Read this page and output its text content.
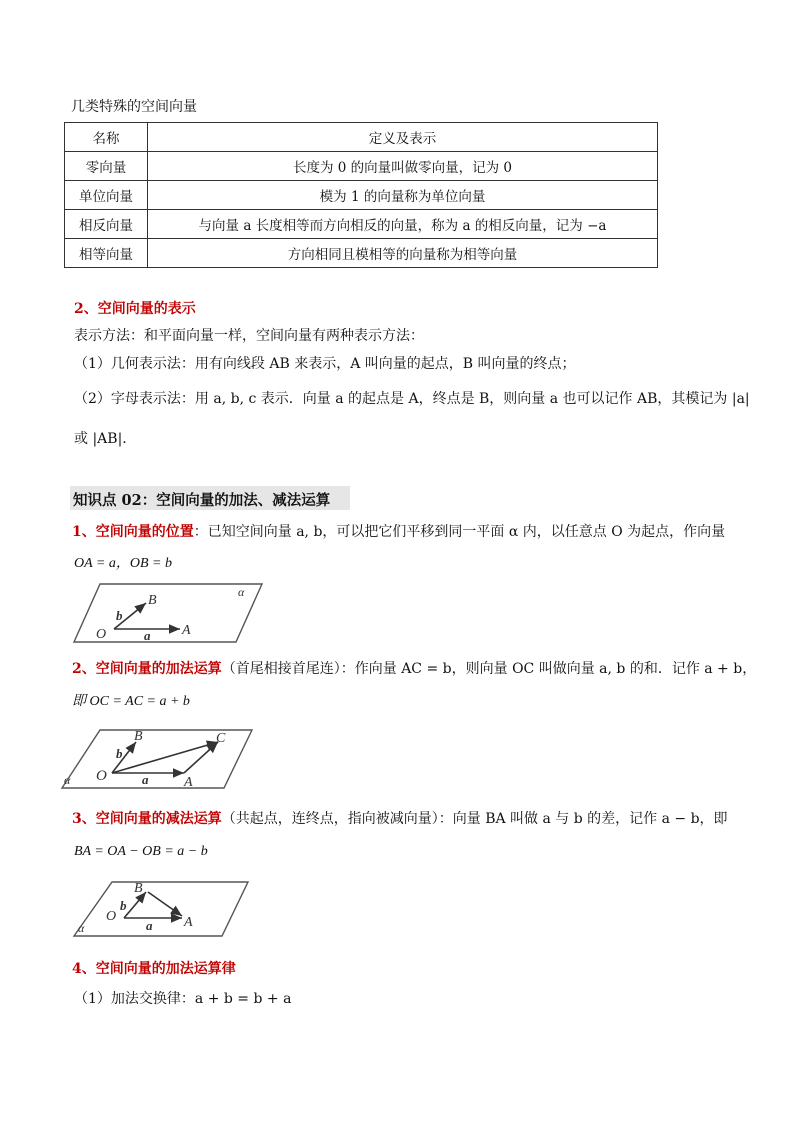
几类特殊的空间向量
名称	定义及表示
零向量	长度为 0 的向量叫做零向量，记为 0
单位向量	模为 1 的向量称为单位向量
相反向量	与向量 a 长度相等而方向相反的向量，称为 a 的相反向量，记为 −a
相等向量	方向相同且模相等的向量称为相等向量
2、空间向量的表示
表示方法：和平面向量一样，空间向量有两种表示方法：
（1）几何表示法：用有向线段 AB 来表示，A 叫向量的起点，B 叫向量的终点；
（2）字母表示法：用 a, b, c 表示．向量 a 的起点是 A，终点是 B，则向量 a 也可以记作 AB，其模记为 |a|
或 |AB|.
知识点 02：空间向量的加法、减法运算
1、空间向量的位置：已知空间向量 a, b，可以把它们平移到同一平面 α 内，以任意点 O 为起点，作向量
OA = a，OB = b
α
O	A
B
a
b
2、空间向量的加法运算（首尾相接首尾连）：作向量 AC = b，则向量 OC 叫做向量 a, b 的和．记作 a + b，
即 OC = AC = a + b
α O	A
B	C
a
b
3、空间向量的减法运算（共起点，连终点，指向被减向量）：向量 BA 叫做 a 与 b 的差，记作 a − b，即
BA = OA − OB = a − b
α
O	A
B
a
b
4、空间向量的加法运算律
（1）加法交换律：a + b = b + a
